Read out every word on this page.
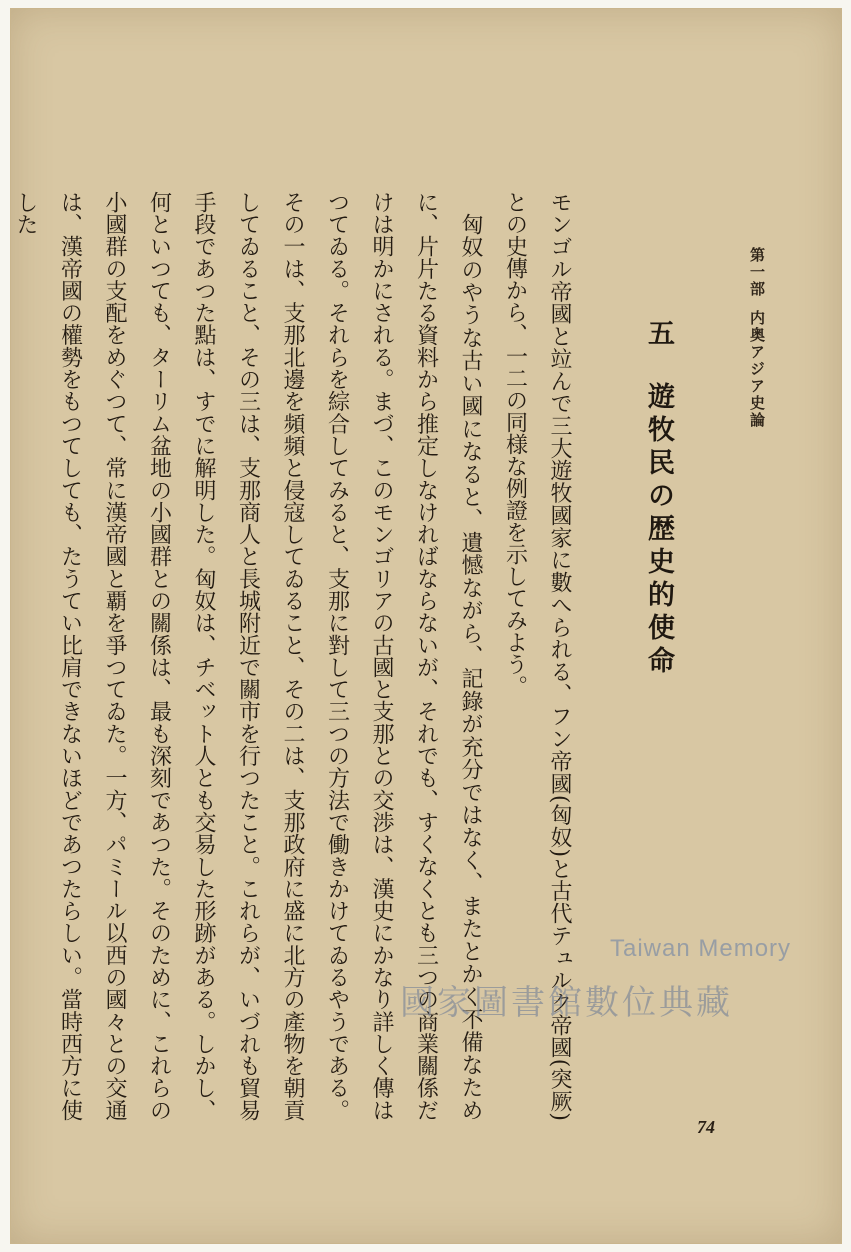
第一部内奥アジア史論
五遊牧民の歴史的使命

モンゴル帝國と竝んで三大遊牧國家に數へられる、フン帝國(匈奴)と古代テュルク帝國(突厥)との史傳から、一二の同様な例證を示してみよう。

匈奴のやうな古い國になると、遺憾ながら、記錄が充分ではなく、またとかく不備なために、片片たる資料から推定しなければならないが、それでも、すくなくとも三つの商業關係だけは明かにされる。まづ、このモンゴリアの古國と支那との交渉は、漢史にかなり詳しく傳はつてゐる。それらを綜合してみると、支那に對して三つの方法で働きかけてゐるやうである。その一は、支那北邊を頻頻と侵寇してゐること、その二は、支那政府に盛に北方の產物を朝貢してゐること、その三は、支那商人と長城附近で關市を行つたこと。これらが、いづれも貿易手段であつた點は、すでに解明した。匈奴は、チベット人とも交易した形跡がある。しかし、何といつても、ターリム盆地の小國群との關係は、最も深刻であつた。そのために、これらの小國群の支配をめぐつて、常に漢帝國と覇を爭つてゐた。一方、パミール以西の國々との交通は、漢帝國の權勢をもつてしても、たうてい比肩できないほどであつたらしい。當時西方に使した

74
Taiwan Memory
國家圖書館數位典藏
